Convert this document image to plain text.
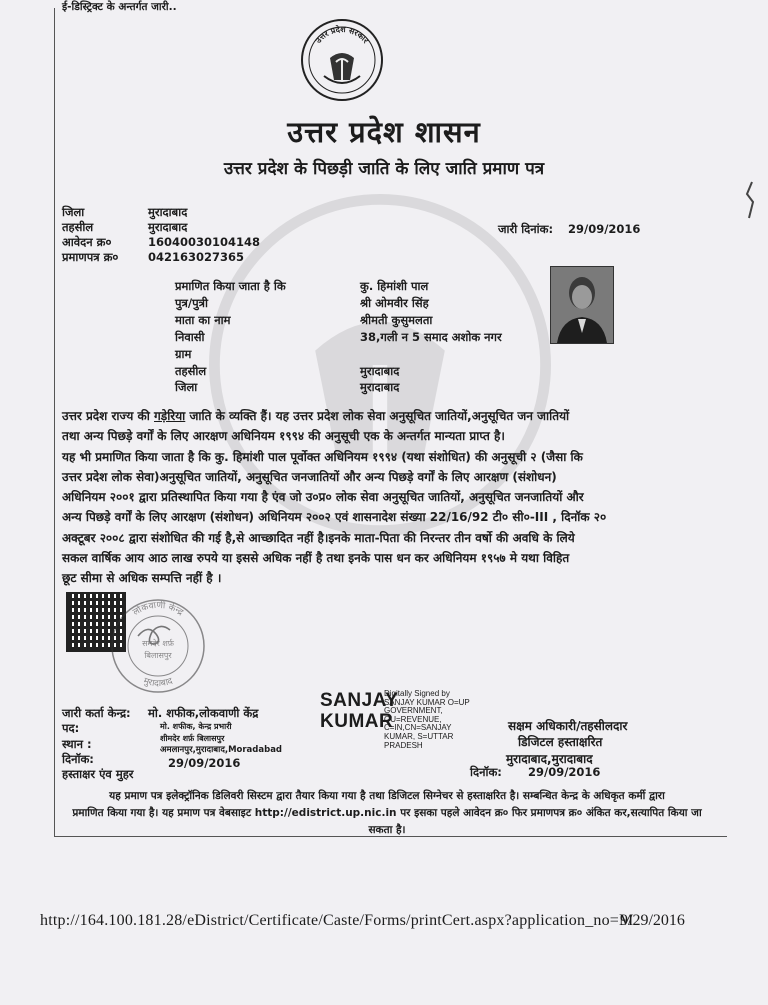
ई-डिस्ट्रिक्ट के अन्तर्गत जारी..
उत्तर प्रदेश सरकार
उत्तर प्रदेश शासन
उत्तर प्रदेश के पिछड़ी जाति के लिए जाति प्रमाण पत्र
जिला	मुरादाबाद
तहसील	मुरादाबाद
आवेदन क्र०	16040030104148
प्रमाणपत्र क्र०	042163027365
जारी दिनांक: 29/09/2016
प्रमाणित किया जाता है कि	कु. हिमांशी पाल
पुत्र/पुत्री	श्री ओमवीर सिंह
माता का नाम	श्रीमती कुसुमलता
निवासी	38,गली न 5 समाद अशोक नगर
ग्राम
तहसील	मुरादाबाद
जिला	मुरादाबाद
उत्तर प्रदेश राज्य की गड़ेरिया जाति के व्यक्ति हैं। यह उत्तर प्रदेश लोक सेवा अनुसूचित जातियों,अनुसूचित जन जातियों
तथा अन्य पिछड़े वर्गों के लिए आरक्षण अधिनियम १९९४ की अनुसूची एक के अन्तर्गत मान्यता प्राप्त है।
यह भी प्रमाणित किया जाता है कि कु. हिमांशी पाल पूर्वोक्त अधिनियम १९९४ (यथा संशोधित) की अनुसूची २ (जैसा कि
उत्तर प्रदेश लोक सेवा)अनुसूचित जातियों, अनुसूचित जनजातियों और अन्य पिछड़े वर्गों के लिए आरक्षण (संशोधन)
अधिनियम २००१ द्वारा प्रतिस्थापित किया गया है एंव जो उ०प्र० लोक सेवा अनुसूचित जातियों, अनुसूचित जनजातियों और
अन्य पिछड़े वर्गों के लिए आरक्षण (संशोधन) अधिनियम २००२ एवं शासनादेश संख्या 22/16/92 टी० सी०-III , दिनॉक २०
अक्टूबर २००८ द्वारा संशोधित की गई है,से आच्छादित नहीं है।इनके माता-पिता की निरन्तर तीन वर्षो की अवधि के लिये
सकल वार्षिक आय आठ लाख रुपये या इससे अधिक नहीं है तथा इनके पास धन कर अधिनियम १९५७ मे यथा विहित
छूट सीमा से अधिक सम्पत्ति नहीं है ।
लोकवाणी केन्द्र
मुरादाबाद
समदेर शर्फ़
बिलासपुर
जारी कर्ता केन्द्र: मो. शफीक,लोकवाणी केंद्र
पद:	मो. शफीक, केन्द्र प्रभारी
स्थान :	शीमदेर शर्फ़ बिलासपुर
अमलानपुर,मुरादाबाद,Moradabad
दिनॉक:	29/09/2016
हस्ताक्षर एंव मुहर
SANJAY
KUMAR
Digitally Signed by
SANJAY KUMAR O=UP
GOVERNMENT,
OU=REVENUE,
C=IN,CN=SANJAY
KUMAR, S=UTTAR
PRADESH
सक्षम अधिकारी/तहसीलदार
डिजिटल हस्ताक्षरित
मुरादाबाद,मुरादाबाद
दिनॉक: 29/09/2016
यह प्रमाण पत्र इलेक्ट्रॉनिक डिलिवरी सिस्टम द्वारा तैयार किया गया है तथा डिजिटल सिग्नेचर से हस्ताक्षरित है। सम्बन्धित केन्द्र के अधिकृत कर्मी द्वारा
प्रमाणित किया गया है। यह प्रमाण पत्र वेबसाइट http://edistrict.up.nic.in पर इसका पहले आवेदन क्र० फिर प्रमाणपत्र क्र० अंकित कर,सत्यापित किया जा
सकता है।
http://164.100.181.28/eDistrict/Certificate/Caste/Forms/printCert.aspx?application_no=M
9/29/2016
